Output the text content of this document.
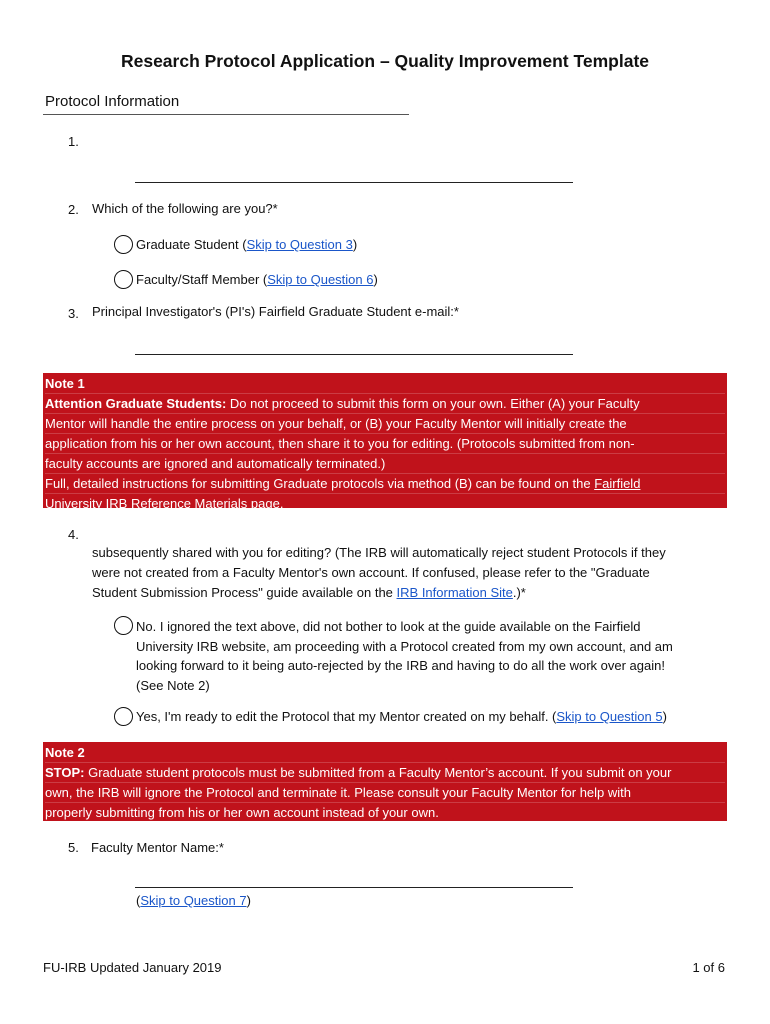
Research Protocol Application – Quality Improvement Template
Protocol Information
1.
2. Which of the following are you?*
Graduate Student (Skip to Question 3)
Faculty/Staff Member (Skip to Question 6)
3. Principal Investigator's (PI's) Fairfield Graduate Student e-mail:*
Note 1
Attention Graduate Students: Do not proceed to submit this form on your own. Either (A) your Faculty
Mentor will handle the entire process on your behalf, or (B) your Faculty Mentor will initially create the
application from his or her own account, then share it to you for editing. (Protocols submitted from non-
faculty accounts are ignored and automatically terminated.)
Full, detailed instructions for submitting Graduate protocols via method (B) can be found on the Fairfield
University IRB Reference Materials page.
4.
subsequently shared with you for editing? (The IRB will automatically reject student Protocols if they
were not created from a Faculty Mentor's own account. If confused, please refer to the "Graduate
Student Submission Process" guide available on the IRB Information Site.)*
No. I ignored the text above, did not bother to look at the guide available on the Fairfield
University IRB website, am proceeding with a Protocol created from my own account, and am
looking forward to it being auto-rejected by the IRB and having to do all the work over again!
(See Note 2)
Yes, I'm ready to edit the Protocol that my Mentor created on my behalf. (Skip to Question 5)
Note 2
STOP: Graduate student protocols must be submitted from a Faculty Mentor’s account. If you submit on your
own, the IRB will ignore the Protocol and terminate it. Please consult your Faculty Mentor for help with
properly submitting from his or her own account instead of your own.
5. Faculty Mentor Name:*
(Skip to Question 7)
FU-IRB Updated January 2019	1 of 6
